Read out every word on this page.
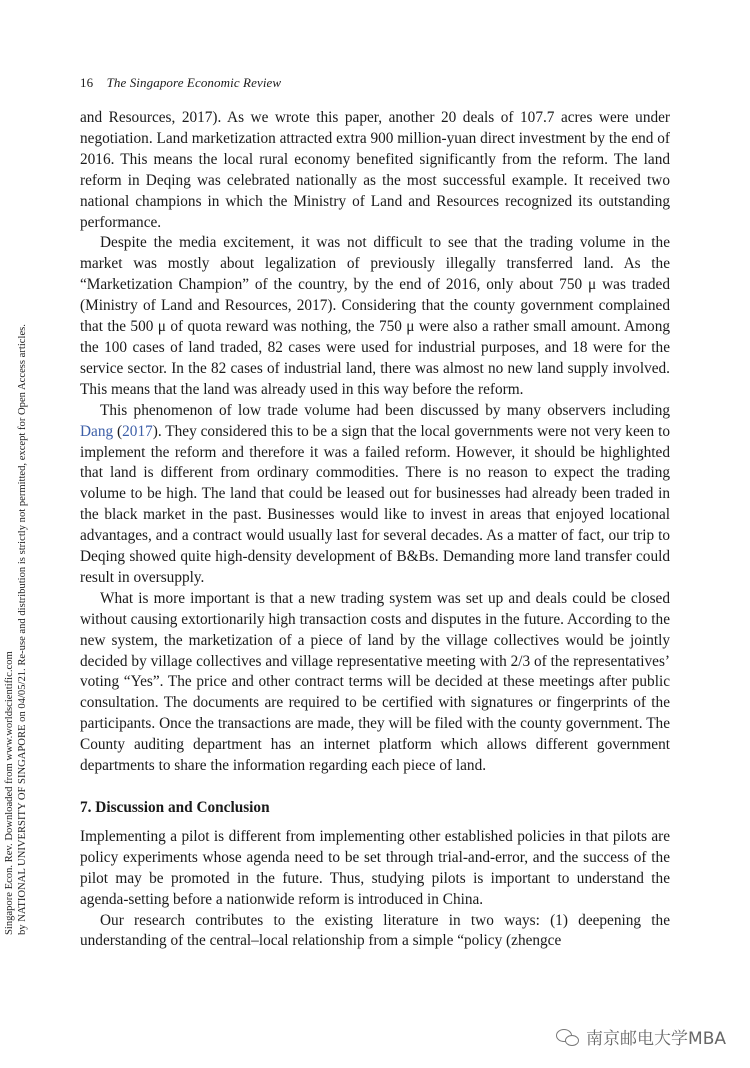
16 The Singapore Economic Review
Singapore Econ. Rev. Downloaded from www.worldscientific.com by NATIONAL UNIVERSITY OF SINGAPORE on 04/05/21. Re-use and distribution is strictly not permitted, except for Open Access articles.

and Resources, 2017). As we wrote this paper, another 20 deals of 107.7 acres were under negotiation. Land marketization attracted extra 900 million-yuan direct investment by the end of 2016. This means the local rural economy benefited significantly from the reform. The land reform in Deqing was celebrated nationally as the most successful example. It received two national champions in which the Ministry of Land and Resources recognized its outstanding performance.

Despite the media excitement, it was not difficult to see that the trading volume in the market was mostly about legalization of previously illegally transferred land. As the “Marketization Champion” of the country, by the end of 2016, only about 750 μ was traded (Ministry of Land and Resources, 2017). Considering that the county government complained that the 500 μ of quota reward was nothing, the 750 μ were also a rather small amount. Among the 100 cases of land traded, 82 cases were used for industrial purposes, and 18 were for the service sector. In the 82 cases of industrial land, there was almost no new land supply involved. This means that the land was already used in this way before the reform.

This phenomenon of low trade volume had been discussed by many observers including Dang (2017). They considered this to be a sign that the local governments were not very keen to implement the reform and therefore it was a failed reform. However, it should be highlighted that land is different from ordinary commodities. There is no reason to expect the trading volume to be high. The land that could be leased out for businesses had already been traded in the black market in the past. Businesses would like to invest in areas that enjoyed locational advantages, and a contract would usually last for several decades. As a matter of fact, our trip to Deqing showed quite high-density development of B&Bs. Demanding more land transfer could result in oversupply.

What is more important is that a new trading system was set up and deals could be closed without causing extortionarily high transaction costs and disputes in the future. According to the new system, the marketization of a piece of land by the village collectives would be jointly decided by village collectives and village representative meeting with 2/3 of the representatives’ voting “Yes”. The price and other contract terms will be decided at these meetings after public consultation. The documents are required to be certified with signatures or fingerprints of the participants. Once the transactions are made, they will be filed with the county government. The County auditing department has an internet platform which allows different government departments to share the information regarding each piece of land.

7. Discussion and Conclusion

Implementing a pilot is different from implementing other established policies in that pilots are policy experiments whose agenda need to be set through trial-and-error, and the success of the pilot may be promoted in the future. Thus, studying pilots is important to understand the agenda-setting before a nationwide reform is introduced in China.

Our research contributes to the existing literature in two ways: (1) deepening the understanding of the central–local relationship from a simple “policy (zhengce

南京邮电大学MBA
